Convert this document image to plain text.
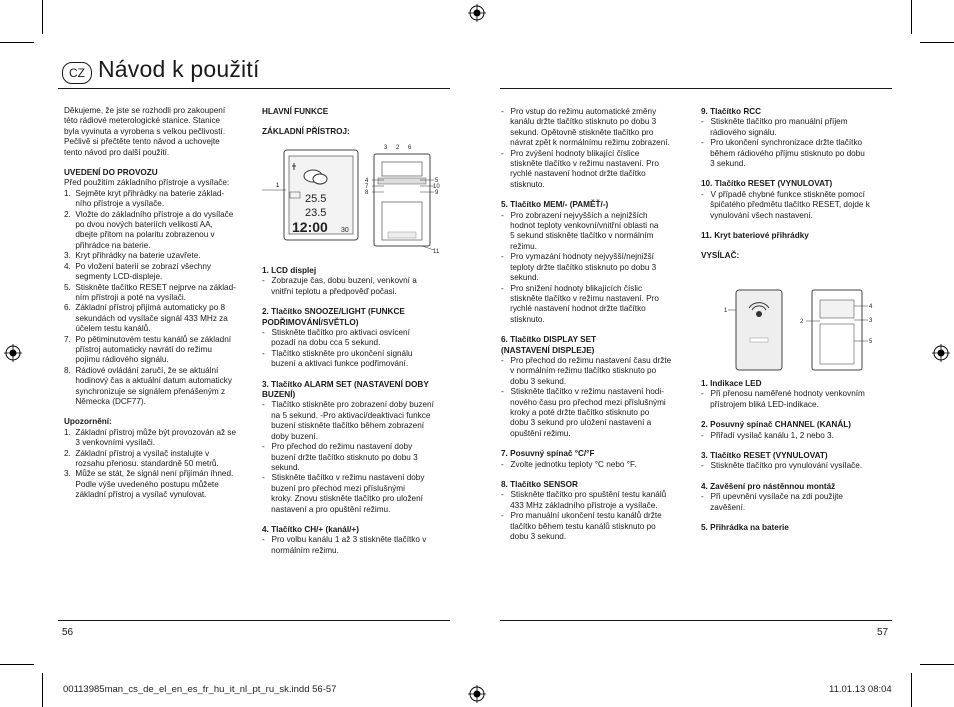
CZ Návod k použití
Děkujeme, že jste se rozhodli pro zakoupení
této rádiové meterologické stanice. Stanice
byla vyvinuta a vyrobena s velkou pečlivostí.
Pečlivě si přečtěte tento návod a uchovejte
tento návod pro další použití.
UVEDENÍ DO PROVOZU
Před použitím základního přístroje a vysílače:
1.  Sejměte kryt přihrádky na baterie základ-
ního přístroje a vysílače.
2.  Vložte do základního přístroje a do vysílače
po dvou nových bateriích velikosti AA,
dbejte přitom na polaritu zobrazenou v
přihrádce na baterie.
3.  Kryt přihrádky na baterie uzavřete.
4.  Po vložení baterií se zobrazí všechny
segmenty LCD-displeje.
5.  Stiskněte tlačítko RESET nejprve na základ-
ním přístroji a poté na vysílači.
6.  Základní přístroj přijímá automaticky po 8
sekundách od vysílače signál 433 MHz za
účelem testu kanálů.
7.  Po pětiminutovém testu kanálů se základní
přístroj automaticky navrátí do režimu
pojímu rádiového signálu.
8.  Rádiové ovládání zaručí, že se aktuální
hodinový čas a aktuální datum automaticky
synchronizuje se signálem přenášeným z
Německa (DCF77).
Upozornění:
1.  Základní přístroj může být provozován až se
3 venkovními vysílači.
2.  Základní přístroj a vysílač instalujte v
rozsahu přenosu. standardně 50 metrů.
3.  Může se stát, že signál není přijímán íhned.
Podle výše uvedeného postupu můžete
základní přístroj a vysílač vynulovat.
HLAVNÍ FUNKCE
ZÁKLADNÍ PŘÍSTROJ:
1
25.5
23.5
12:00 30
3 2 6
4
7
8
5
10
9
11
1. LCD displej
-   Zobrazuje čas, dobu buzení, venkovní a
vnitřní teplotu a předpověď počasi.
2. Tlačítko SNOOZE/LIGHT (FUNKCE
PODŘIMOVÁNÍ/SVĚTLO)
-   Stiskněte tlačítko pro aktivaci osvícení
pozadí na dobu cca 5 sekund.
-   Tlačítko stiskněte pro ukončení signálu
buzení a aktivaci funkce podřimování.
3. Tlačítko ALARM SET (NASTAVENÍ DOBY
BUZENÍ)
-   Tlačítko stiskněte pro zobrazení doby buzení
na 5 sekund. -Pro aktivaci/deaktivaci funkce
buzení stiskněte tlačítko během zobrazení
doby buzení.
-   Pro přechod do režimu nastavení doby
buzení držte tlačítko stisknuto po dobu 3
sekund.
-   Stiskněte tlačítko v režimu nastavení doby
buzení pro přechod mezi příslušnými
kroky. Znovu stiskněte tlačítko pro uložení
nastavení a pro opuštění režimu.
4. Tlačítko CH/+ (kanál/+)
-   Pro volbu kanálu 1 až 3 stiskněte tlačítko v
normálním režimu.
-   Pro vstup do režimu automatické změny
kanálu držte tlačítko stisknuto po dobu 3
sekund. Opětovně stiskněte tlačítko pro
návrat zpět k normálnímu režimu zobrazení.
-   Pro zvýšení hodnoty blikající číslice
stiskněte tlačítko v režimu nastavení. Pro
rychlé nastavení hodnot držte tlačítko
stisknuto.
5. Tlačítko MEM/- (PAMĚŤ/-)
-   Pro zobrazení nejvyšších a nejnižších
hodnot teploty venkovní/vnitřní oblasti na
5 sekund stiskněte tlačítko v normálním
režimu.
-   Pro vymazání hodnoty nejvyšší/nejnižší
teploty držte tlačítko stisknuto po dobu 3
sekund.
-   Pro snížení hodnoty blikajících číslic
stiskněte tlačítko v režimu nastavení. Pro
rychlé nastavení hodnot držte tlačítko
stisknuto.
6. Tlačítko DISPLAY SET
(NASTAVENÍ DISPLEJE)
-   Pro přechod do režimu nastavení času držte
v normálním režimu tlačítko stisknuto po
dobu 3 sekund.
-   Stiskněte tlačítko v režimu nastavení hodi-
nového času pro přechod mezi příslušnými
kroky a poté držte tlačítko stisknuto po
dobu 3 sekund pro uložení nastavení a
opuštění režimu.
7. Posuvný spínač °C/°F
-   Zvolte jednotku teploty °C nebo °F.
8. Tlačítko SENSOR
-   Stiskněte tlačítko pro spuštění testu kanálů
433 MHz základního přístroje a vysílače.
-   Pro manuální ukončení testu kanálů držte
tlačítko během testu kanálů stisknuto po
dobu 3 sekund.
9. Tlačítko RCC
-   Stiskněte tlačítko pro manuální příjem
rádiového signálu.
-   Pro ukončení synchronizace držte tlačítko
během rádiového příjmu stisknuto po dobu
3 sekund.
10. Tlačítko RESET (VYNULOVAT)
-   V případě chybné funkce stiskněte pomocí
špičatého předmětu tlačítko RESET, dojde k
vynulování všech nastavení.
11. Kryt bateriové přihrádky
VYSÍLAČ:
1
2
4
3
5
1. Indikace LED
-   Při přenosu naměřené hodnoty venkovním
přístrojem bliká LED-indikace.
2. Posuvný spínač CHANNEL (KANÁL)
-   Přiřadí vysílač kanálu 1, 2 nebo 3.
3. Tlačítko RESET (VYNULOVAT)
-   Stiskněte tlačítko pro vynulování vysílače.
4. Zavěšení pro nástěnnou montáž
-   Při upevnění vysílače na zdi použijte
zavěšení.
5. Přihrádka na baterie
56	57
00113985man_cs_de_el_en_es_fr_hu_it_nl_pt_ru_sk.indd 56-57	11.01.13 08:04
